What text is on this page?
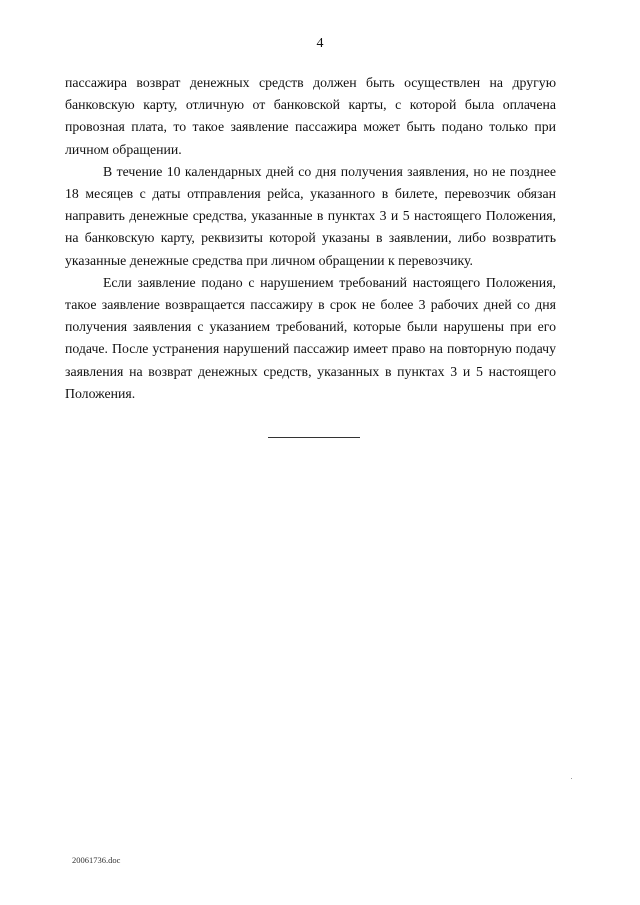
4

пассажира возврат денежных средств должен быть осуществлен на другую банковскую карту, отличную от банковской карты, с которой была оплачена провозная плата, то такое заявление пассажира может быть подано только при личном обращении.

В течение 10 календарных дней со дня получения заявления, но не позднее 18 месяцев с даты отправления рейса, указанного в билете, перевозчик обязан направить денежные средства, указанные в пунктах 3 и 5 настоящего Положения, на банковскую карту, реквизиты которой указаны в заявлении, либо возвратить указанные денежные средства при личном обращении к перевозчику.

Если заявление подано с нарушением требований настоящего Положения, такое заявление возвращается пассажиру в срок не более 3 рабочих дней со дня получения заявления с указанием требований, которые были нарушены при его подаче. После устранения нарушений пассажир имеет право на повторную подачу заявления на возврат денежных средств, указанных в пунктах 3 и 5 настоящего Положения.

20061736.doc
